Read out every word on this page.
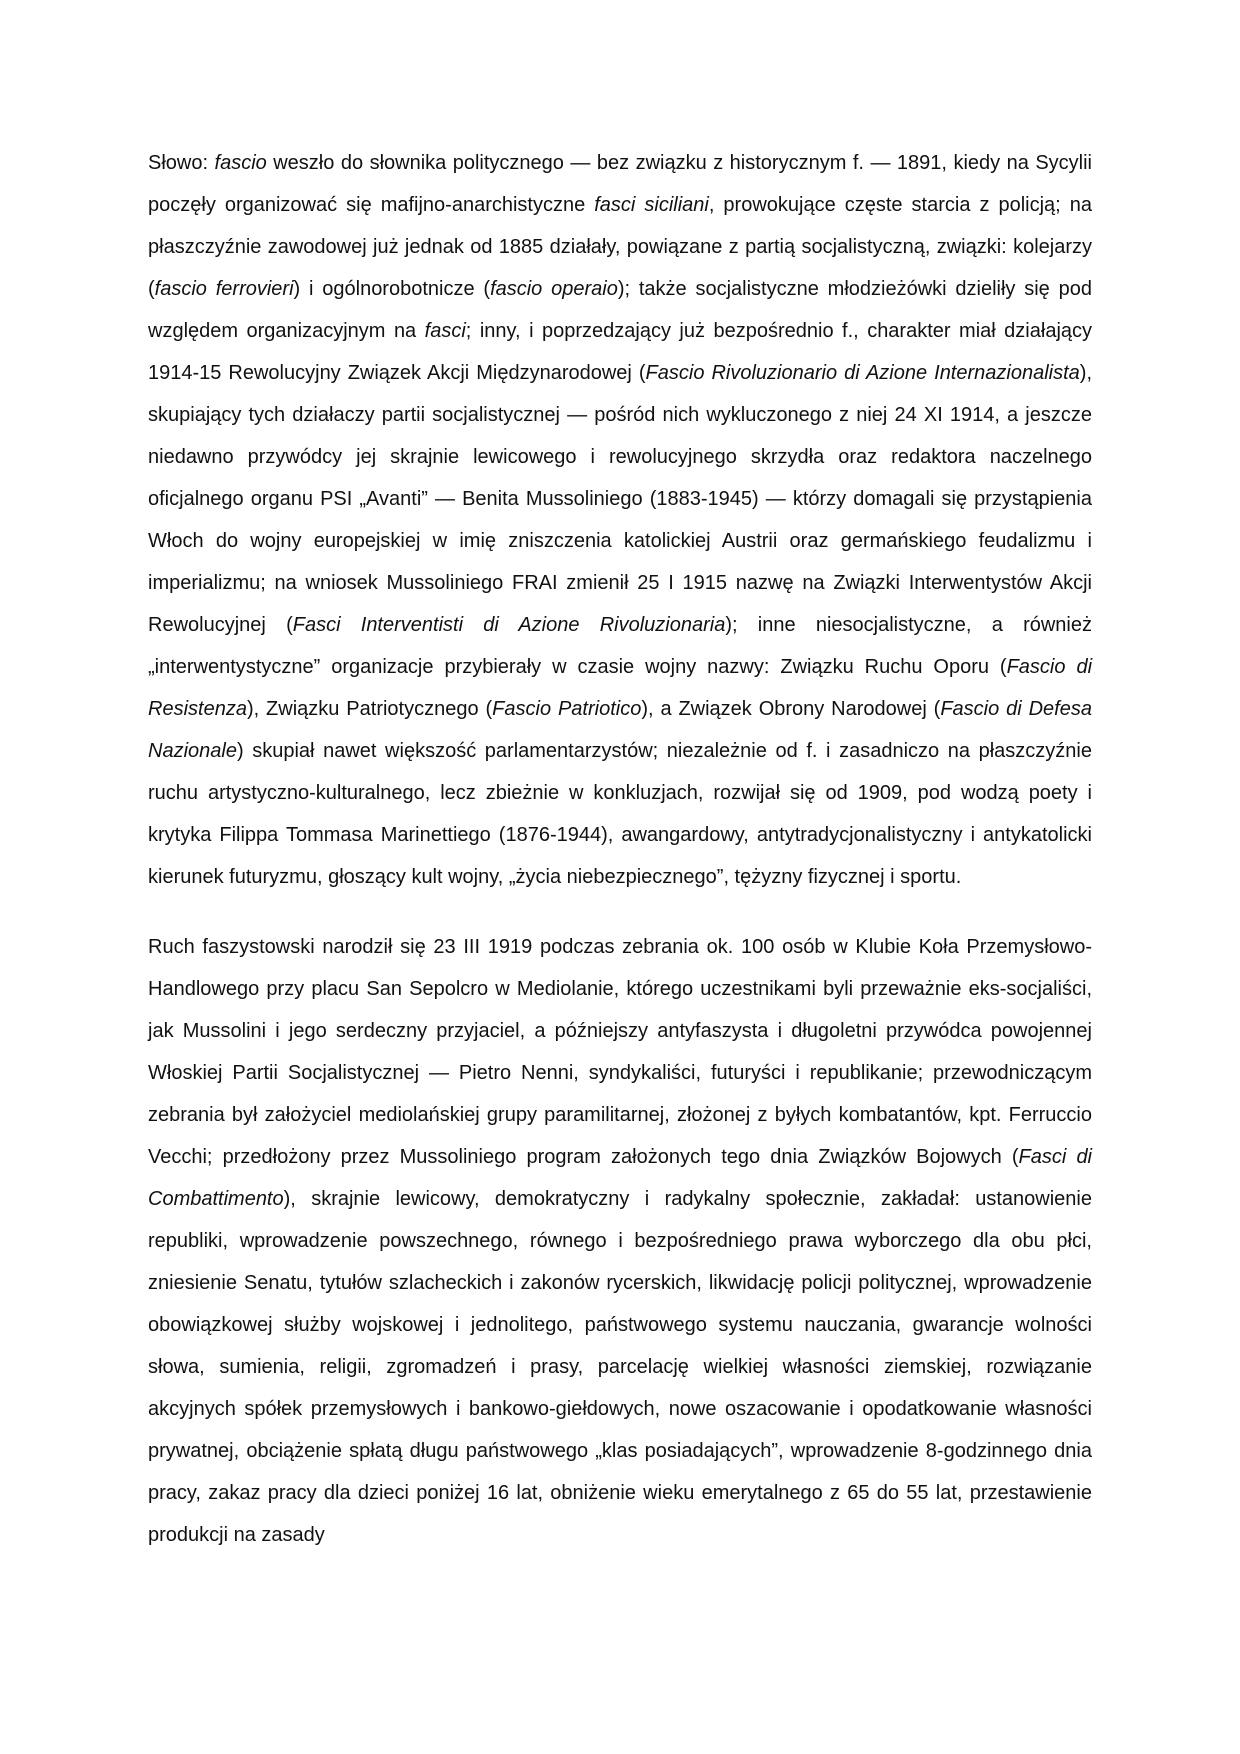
Słowo: fascio weszło do słownika politycznego — bez związku z historycznym f. — 1891, kiedy na Sycylii poczęły organizować się mafijno-anarchistyczne fasci siciliani, prowokujące częste starcia z policją; na płaszczyźnie zawodowej już jednak od 1885 działały, powiązane z partią socjalistyczną, związki: kolejarzy (fascio ferrovieri) i ogólnorobotnicze (fascio operaio); także socjalistyczne młodzieżówki dzieliły się pod względem organizacyjnym na fasci; inny, i poprzedzający już bezpośrednio f., charakter miał działający 1914-15 Rewolucyjny Związek Akcji Międzynarodowej (Fascio Rivoluzionario di Azione Internazionalista), skupiający tych działaczy partii socjalistycznej — pośród nich wykluczonego z niej 24 XI 1914, a jeszcze niedawno przywódcy jej skrajnie lewicowego i rewolucyjnego skrzydła oraz redaktora naczelnego oficjalnego organu PSI „Avanti” — Benita Mussoliniego (1883-1945) — którzy domagali się przystąpienia Włoch do wojny europejskiej w imię zniszczenia katolickiej Austrii oraz germańskiego feudalizmu i imperializmu; na wniosek Mussoliniego FRAI zmienił 25 I 1915 nazwę na Związki Interwentystów Akcji Rewolucyjnej (Fasci Interventisti di Azione Rivoluzionaria); inne niesocjalistyczne, a również „interwentystyczne” organizacje przybierały w czasie wojny nazwy: Związku Ruchu Oporu (Fascio di Resistenza), Związku Patriotycznego (Fascio Patriotico), a Związek Obrony Narodowej (Fascio di Defesa Nazionale) skupiał nawet większość parlamentarzystów; niezależnie od f. i zasadniczo na płaszczyźnie ruchu artystyczno-kulturalnego, lecz zbieżnie w konkluzjach, rozwijał się od 1909, pod wodzą poety i krytyka Filippa Tommasa Marinettiego (1876-1944), awangardowy, antytradycjonalistyczny i antykatolicki kierunek futuryzmu, głoszący kult wojny, „życia niebezpiecznego”, tężyzny fizycznej i sportu.

Ruch faszystowski narodził się 23 III 1919 podczas zebrania ok. 100 osób w Klubie Koła Przemysłowo-Handlowego przy placu San Sepolcro w Mediolanie, którego uczestnikami byli przeważnie eks-socjaliści, jak Mussolini i jego serdeczny przyjaciel, a późniejszy antyfaszysta i długoletni przywódca powojennej Włoskiej Partii Socjalistycznej — Pietro Nenni, syndykaliści, futuryści i republikanie; przewodniczącym zebrania był założyciel mediolańskiej grupy paramilitarnej, złożonej z byłych kombatantów, kpt. Ferruccio Vecchi; przedłożony przez Mussoliniego program założonych tego dnia Związków Bojowych (Fasci di Combattimento), skrajnie lewicowy, demokratyczny i radykalny społecznie, zakładał: ustanowienie republiki, wprowadzenie powszechnego, równego i bezpośredniego prawa wyborczego dla obu płci, zniesienie Senatu, tytułów szlacheckich i zakonów rycerskich, likwidację policji politycznej, wprowadzenie obowiązkowej służby wojskowej i jednolitego, państwowego systemu nauczania, gwarancje wolności słowa, sumienia, religii, zgromadzeń i prasy, parcelację wielkiej własności ziemskiej, rozwiązanie akcyjnych spółek przemysłowych i bankowo-giełdowych, nowe oszacowanie i opodatkowanie własności prywatnej, obciążenie spłatą długu państwowego „klas posiadających”, wprowadzenie 8-godzinnego dnia pracy, zakaz pracy dla dzieci poniżej 16 lat, obniżenie wieku emerytalnego z 65 do 55 lat, przestawienie produkcji na zasady
